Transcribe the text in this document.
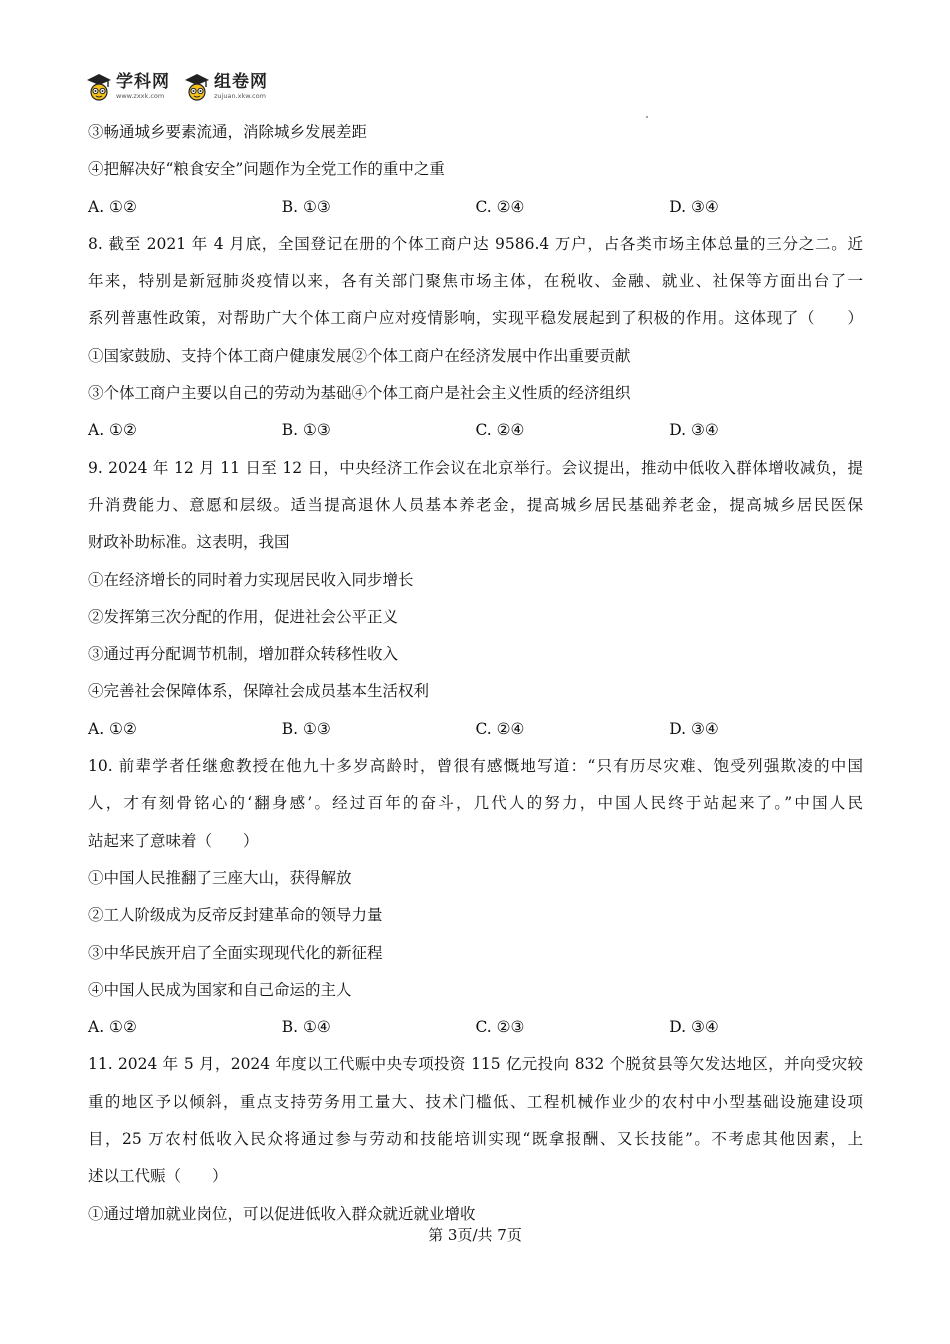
学科网
www.zxxk.com
组卷网
zujuan.xkw.com
③畅通城乡要素流通，消除城乡发展差距
④把解决好“粮食安全”问题作为全党工作的重中之重
A. ①②	B. ①③	C. ②④	D. ③④
8. 截至 2021 年 4 月底，全国登记在册的个体工商户达 9586.4 万户，占各类市场主体总量的三分之二。近
年来，特别是新冠肺炎疫情以来，各有关部门聚焦市场主体，在税收、金融、就业、社保等方面出台了一
系列普惠性政策，对帮助广大个体工商户应对疫情影响，实现平稳发展起到了积极的作用。这体现了（　　）
①国家鼓励、支持个体工商户健康发展②个体工商户在经济发展中作出重要贡献
③个体工商户主要以自己的劳动为基础④个体工商户是社会主义性质的经济组织
A. ①②	B. ①③	C. ②④	D. ③④
9. 2024 年 12 月 11 日至 12 日，中央经济工作会议在北京举行。会议提出，推动中低收入群体增收减负，提
升消费能力、意愿和层级。适当提高退休人员基本养老金，提高城乡居民基础养老金，提高城乡居民医保
财政补助标准。这表明，我国
①在经济增长的同时着力实现居民收入同步增长
②发挥第三次分配的作用，促进社会公平正义
③通过再分配调节机制，增加群众转移性收入
④完善社会保障体系，保障社会成员基本生活权利
A. ①②	B. ①③	C. ②④	D. ③④
10. 前辈学者任继愈教授在他九十多岁高龄时，曾很有感慨地写道：“只有历尽灾难、饱受列强欺凌的中国
人，才有刻骨铭心的‘翻身感’。经过百年的奋斗，几代人的努力，中国人民终于站起来了。”中国人民
站起来了意味着（　　）
①中国人民推翻了三座大山，获得解放
②工人阶级成为反帝反封建革命的领导力量
③中华民族开启了全面实现现代化的新征程
④中国人民成为国家和自己命运的主人
A. ①②	B. ①④	C. ②③	D. ③④
11. 2024 年 5 月，2024 年度以工代赈中央专项投资 115 亿元投向 832 个脱贫县等欠发达地区，并向受灾较
重的地区予以倾斜，重点支持劳务用工量大、技术门槛低、工程机械作业少的农村中小型基础设施建设项
目，25 万农村低收入民众将通过参与劳动和技能培训实现“既拿报酬、又长技能”。不考虑其他因素，上
述以工代赈（　　）
①通过增加就业岗位，可以促进低收入群众就近就业增收
第 3页/共 7页
